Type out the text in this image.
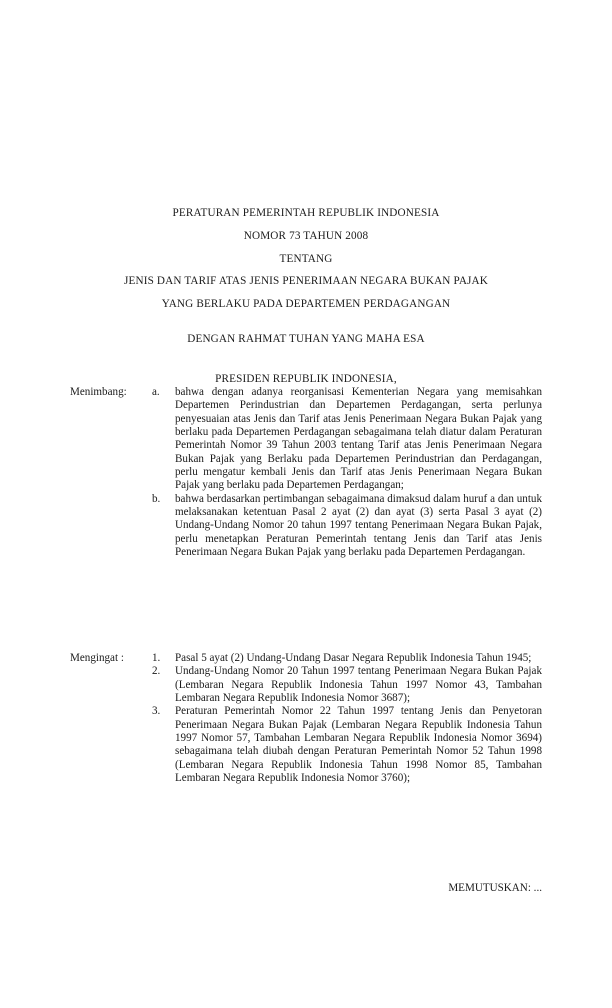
PERATURAN PEMERINTAH REPUBLIK INDONESIA
NOMOR 73 TAHUN 2008
TENTANG
JENIS DAN TARIF ATAS JENIS PENERIMAAN NEGARA BUKAN PAJAK
YANG BERLAKU PADA DEPARTEMEN PERDAGANGAN
DENGAN RAHMAT TUHAN YANG MAHA ESA
PRESIDEN REPUBLIK INDONESIA,
Menimbang:	a.	bahwa dengan adanya reorganisasi Kementerian Negara yang memisahkan Departemen Perindustrian dan Departemen Perdagangan, serta perlunya penyesuaian atas Jenis dan Tarif atas Jenis Penerimaan Negara Bukan Pajak yang berlaku pada Departemen Perdagangan sebagaimana telah diatur dalam Peraturan Pemerintah Nomor 39 Tahun 2003 tentang Tarif atas Jenis Penerimaan Negara Bukan Pajak yang Berlaku pada Departemen Perindustrian dan Perdagangan, perlu mengatur kembali Jenis dan Tarif atas Jenis Penerimaan Negara Bukan Pajak yang berlaku pada Departemen Perdagangan;
b.	bahwa berdasarkan pertimbangan sebagaimana dimaksud dalam huruf a dan untuk melaksanakan ketentuan Pasal 2 ayat (2) dan ayat (3) serta Pasal 3 ayat (2) Undang-Undang Nomor 20 tahun 1997 tentang Penerimaan Negara Bukan Pajak, perlu menetapkan Peraturan Pemerintah tentang Jenis dan Tarif atas Jenis Penerimaan Negara Bukan Pajak yang berlaku pada Departemen Perdagangan.
Mengingat :	1.	Pasal 5 ayat (2) Undang-Undang Dasar Negara Republik Indonesia Tahun 1945;
2.	Undang-Undang Nomor 20 Tahun 1997 tentang Penerimaan Negara Bukan Pajak (Lembaran Negara Republik Indonesia Tahun 1997 Nomor 43, Tambahan Lembaran Negara Republik Indonesia Nomor 3687);
3.	Peraturan Pemerintah Nomor 22 Tahun 1997 tentang Jenis dan Penyetoran Penerimaan Negara Bukan Pajak (Lembaran Negara Republik Indonesia Tahun 1997 Nomor 57, Tambahan Lembaran Negara Republik Indonesia Nomor 3694) sebagaimana telah diubah dengan Peraturan Pemerintah Nomor 52 Tahun 1998 (Lembaran Negara Republik Indonesia Tahun 1998 Nomor 85, Tambahan Lembaran Negara Republik Indonesia Nomor 3760);
MEMUTUSKAN: ...
